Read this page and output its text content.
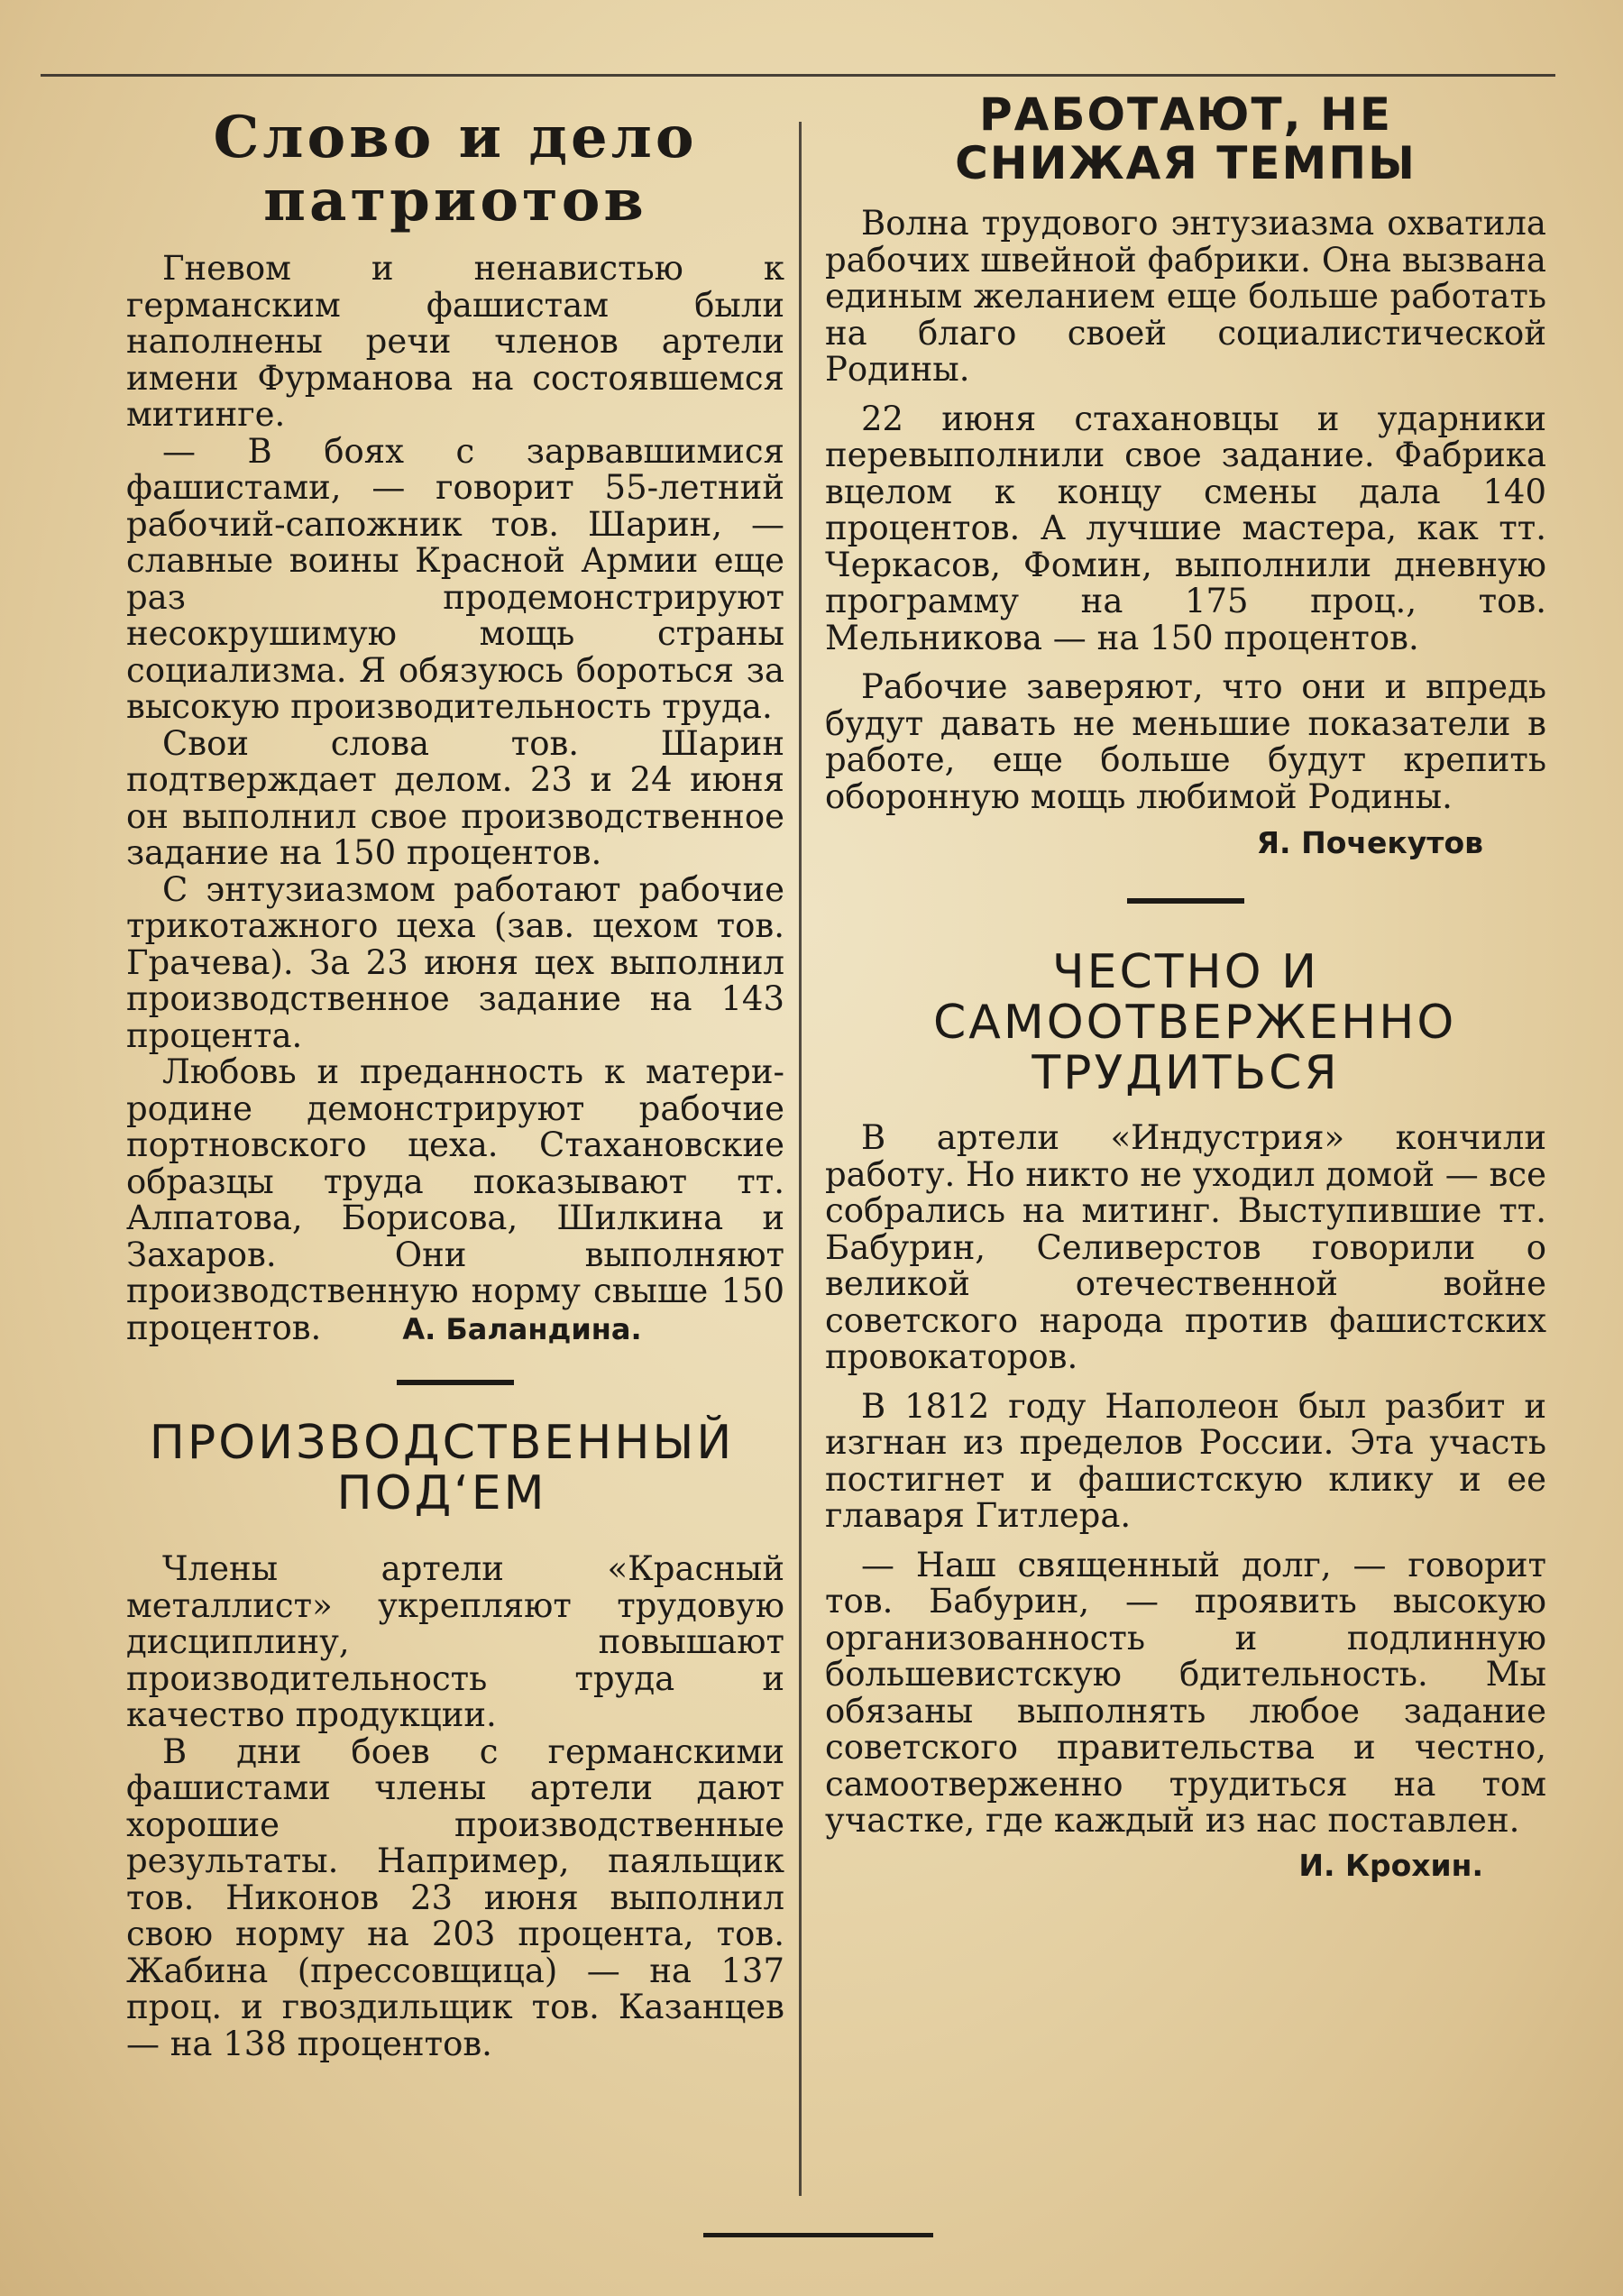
Слово и дело патриотов

Гневом и ненавистью к германским фашистам были наполнены речи членов артели имени Фурманова на состоявшемся митинге.

— В боях с зарвавшимися фашистами, — говорит 55-летний рабочий-сапожник тов. Шарин, — славные воины Красной Армии еще раз продемонстрируют несокрушимую мощь страны социализма. Я обязуюсь бороться за высокую производительность труда.

Свои слова тов. Шарин подтверждает делом. 23 и 24 июня он выполнил свое производственное задание на 150 процентов.

С энтузиазмом работают рабочие трикотажного цеха (зав. цехом тов. Грачева). За 23 июня цех выполнил производственное задание на 143 процента.

Любовь и преданность к матери-родине демонстрируют рабочие портновского цеха. Стахановские образцы труда показывают тт. Алпатова, Борисова, Шилкина и Захаров. Они выполняют производственную норму свыше 150 процентов.	А. Баландина.

ПРОИЗВОДСТВЕННЫЙ ПОД‘ЕМ

Члены артели «Красный металлист» укрепляют трудовую дисциплину, повышают производительность труда и качество продукции.

В дни боев с германскими фашистами члены артели дают хорошие производственные результаты. Например, паяльщик тов. Никонов 23 июня выполнил свою норму на 203 процента, тов. Жабина (прессовщица) — на 137 проц. и гвоздильщик тов. Казанцев — на 138 процентов.

РАБОТАЮТ, НЕ СНИЖАЯ ТЕМПЫ

Волна трудового энтузиазма охватила рабочих швейной фабрики. Она вызвана единым желанием еще больше работать на благо своей социалистической Родины.

22 июня стахановцы и ударники перевыполнили свое задание. Фабрика вцелом к концу смены дала 140 процентов. А лучшие мастера, как тт. Черкасов, Фомин, выполнили дневную программу на 175 проц., тов. Мельникова — на 150 процентов.

Рабочие заверяют, что они и впредь будут давать не меньшие показатели в работе, еще больше будут крепить оборонную мощь любимой Родины.

Я. Почекутов
ЧЕСТНО И САМООТВЕРЖЕННО ТРУДИТЬСЯ

В артели «Индустрия» кончили работу. Но никто не уходил домой — все собрались на митинг. Выступившие тт. Бабурин, Селиверстов говорили о великой отечественной войне советского народа против фашистских провокаторов.

В 1812 году Наполеон был разбит и изгнан из пределов России. Эта участь постигнет и фашистскую клику и ее главаря Гитлера.

— Наш священный долг, — говорит тов. Бабурин, — проявить высокую организованность и подлинную большевистскую бдительность. Мы обязаны выполнять любое задание советского правительства и честно, самоотверженно трудиться на том участке, где каждый из нас поставлен.

И. Крохин.
